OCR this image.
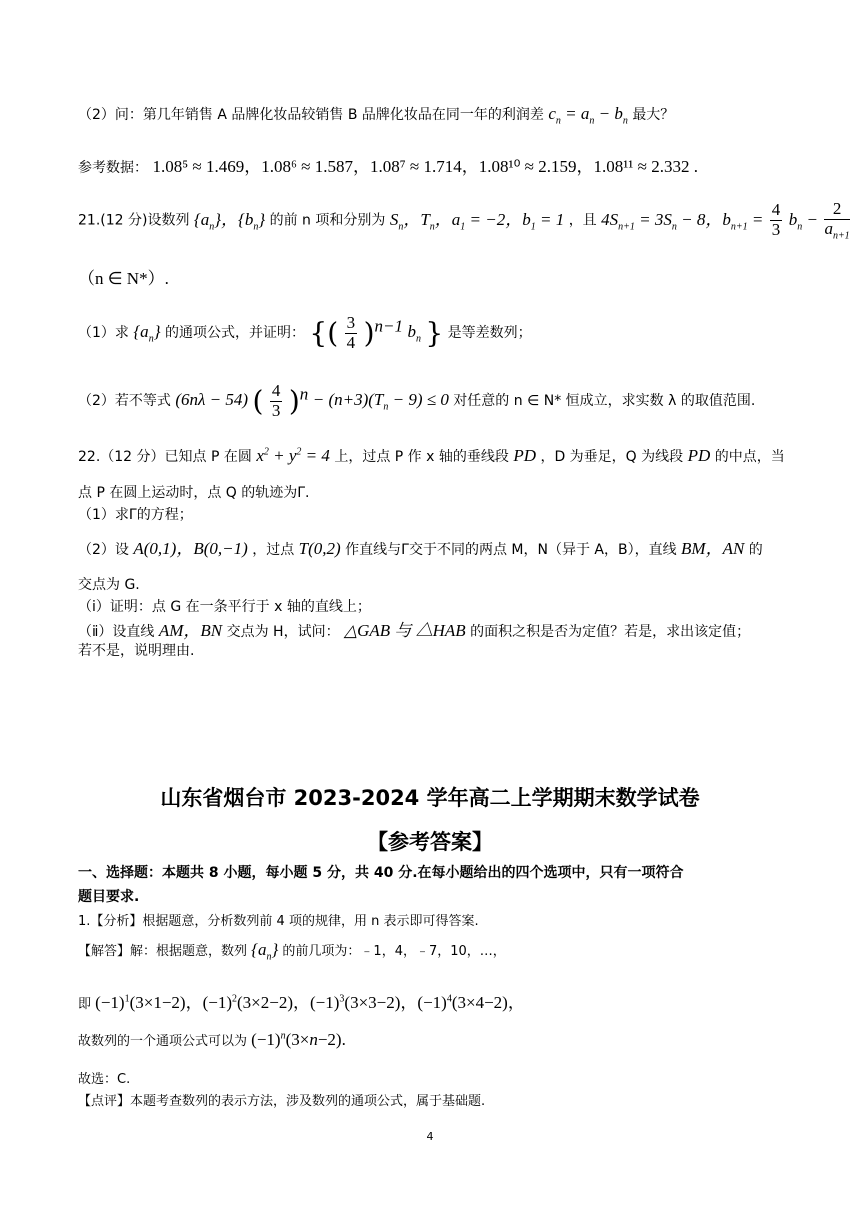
（2）问：第几年销售 A 品牌化妆品较销售 B 品牌化妆品在同一年的利润差 $c_n = a_n - b_n$ 最大？
参考数据： 1.08⁵ ≈ 1.469，1.08⁶ ≈ 1.587，1.08⁷ ≈ 1.714，1.08¹⁰ ≈ 2.159，1.08¹¹ ≈ 2.332 .
21.(12 分)设数列 $\{a_n\}$，$\{b_n\}$ 的前 n 项和分别为 $S_n$，$T_n$，$a_1 = -2$，$b_1 = 1$ ，且 $4S_{n+1} = 3S_n - 8$，$b_{n+1} = \frac{4}{3} b_n - \frac{2}{a_{n+1}}$
（n ∈ N*）.
（1）求 $\{a_n\}$ 的通项公式，并证明： {( $\frac{3}{4} )^{n-1}$ $b_n$ } 是等差数列；
（2）若不等式 (6nλ − 54) ( $\frac{4}{3} )^n - (n+3)(T_n - 9) \le 0$ 对任意的 n ∈ N* 恒成立，求实数 λ 的取值范围.
22.（12 分）已知点 P 在圆 $x^2 + y^2 = 4$ 上，过点 P 作 x 轴的垂线段 PD ，D 为垂足，Q 为线段 PD 的中点，当
点 P 在圆上运动时，点 Q 的轨迹为Γ.
（1）求Γ的方程；
（2）设 A(0,1)，B(0,−1) ，过点 T(0,2) 作直线与Γ交于不同的两点 M，N（异于 A，B），直线 BM，AN 的
交点为 G.
（ⅰ）证明：点 G 在一条平行于 x 轴的直线上；
（ⅱ）设直线 AM，BN 交点为 H，试问： △GAB 与 △HAB 的面积之积是否为定值？若是，求出该定值；
若不是，说明理由.
山东省烟台市 2023-2024 学年高二上学期期末数学试卷
【参考答案】
一、选择题：本题共 8 小题，每小题 5 分，共 40 分.在每小题给出的四个选项中，只有一项符合
题目要求.
1.【分析】根据题意，分析数列前 4 项的规律，用 n 表示即可得答案.
【解答】解：根据题意，数列 $\{a_n\}$ 的前几项为：﹣1，4，﹣7，10，…，
即 $(-1)^1(3\times 1-2)$，$(-1)^2(3\times 2-2)$，$(-1)^3(3\times 3-2)$，$(-1)^4(3\times 4-2)$，
故数列的一个通项公式可以为 $(-1)^n(3\times n-2)$.
故选：C.
【点评】本题考查数列的表示方法，涉及数列的通项公式，属于基础题.
4
